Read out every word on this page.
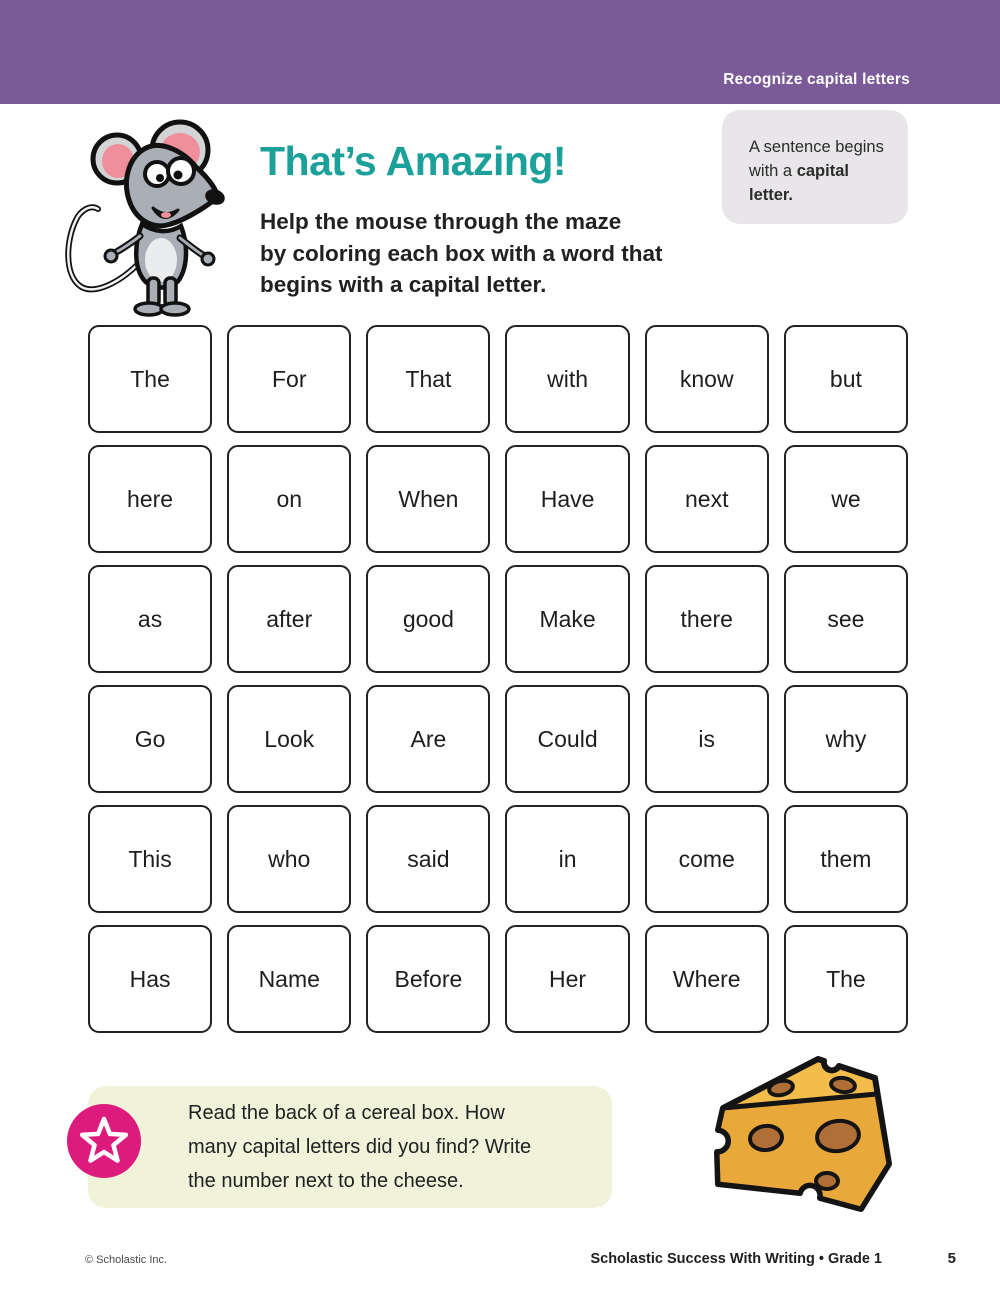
Recognize capital letters
A sentence begins with a capital letter.
That’s Amazing!
Help the mouse through the maze
by coloring each box with a word that
begins with a capital letter.
The	For	That	with	know	but
here	on	When	Have	next	we
as	after	good	Make	there	see
Go	Look	Are	Could	is	why
This	who	said	in	come	them
Has	Name	Before	Her	Where	The

Read the back of a cereal box. How many capital letters did you find? Write the number next to the cheese.

© Scholastic Inc.	Scholastic Success With Writing • Grade 1	5
